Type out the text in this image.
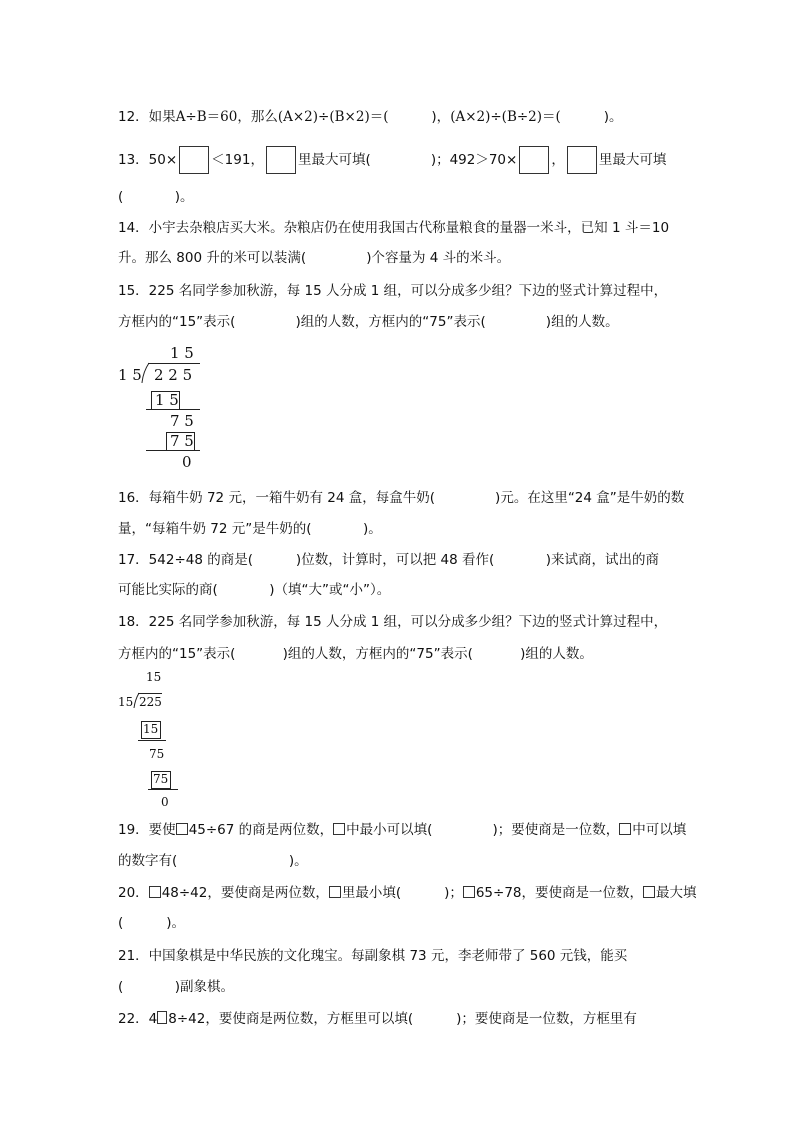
12．如果A÷B＝60，那么(A×2)÷(B×2)＝(	)，(A×2)÷(B÷2)＝(	)。
13．50×	＜191，	里最大可填(	)；492＞70×	，	里最大可填
(	)。
14．小宇去杂粮店买大米。杂粮店仍在使用我国古代称量粮食的量器一米斗，已知 1 斗＝10
升。那么 800 升的米可以装满(	)个容量为 4 斗的米斗。
15．225 名同学参加秋游，每 15 人分成 1 组，可以分成多少组？下边的竖式计算过程中，
方框内的“15”表示(	)组的人数，方框内的“75”表示(	)组的人数。
1 5
1 5 2 2 5
1 5
7 5
7 5
0
16．每箱牛奶 72 元，一箱牛奶有 24 盒，每盒牛奶(	)元。在这里“24 盒”是牛奶的数
量，“每箱牛奶 72 元”是牛奶的(	)。
17．542÷48 的商是(	)位数，计算时，可以把 48 看作(	)来试商，试出的商
可能比实际的商(	)（填“大”或“小”）。
18．225 名同学参加秋游，每 15 人分成 1 组，可以分成多少组？下边的竖式计算过程中，
方框内的“15”表示(	)组的人数，方框内的“75”表示(	)组的人数。
15
15 225
15
75
75
0
19．要使 45÷67 的商是两位数， 中最小可以填(	)；要使商是一位数， 中可以填
的数字有(	)。
20． 48÷42，要使商是两位数， 里最小填(	)； 65÷78，要使商是一位数， 最大填
(	)。
21．中国象棋是中华民族的文化瑰宝。每副象棋 73 元，李老师带了 560 元钱，能买
(	)副象棋。
22．4 8÷42，要使商是两位数，方框里可以填(	)；要使商是一位数，方框里有
